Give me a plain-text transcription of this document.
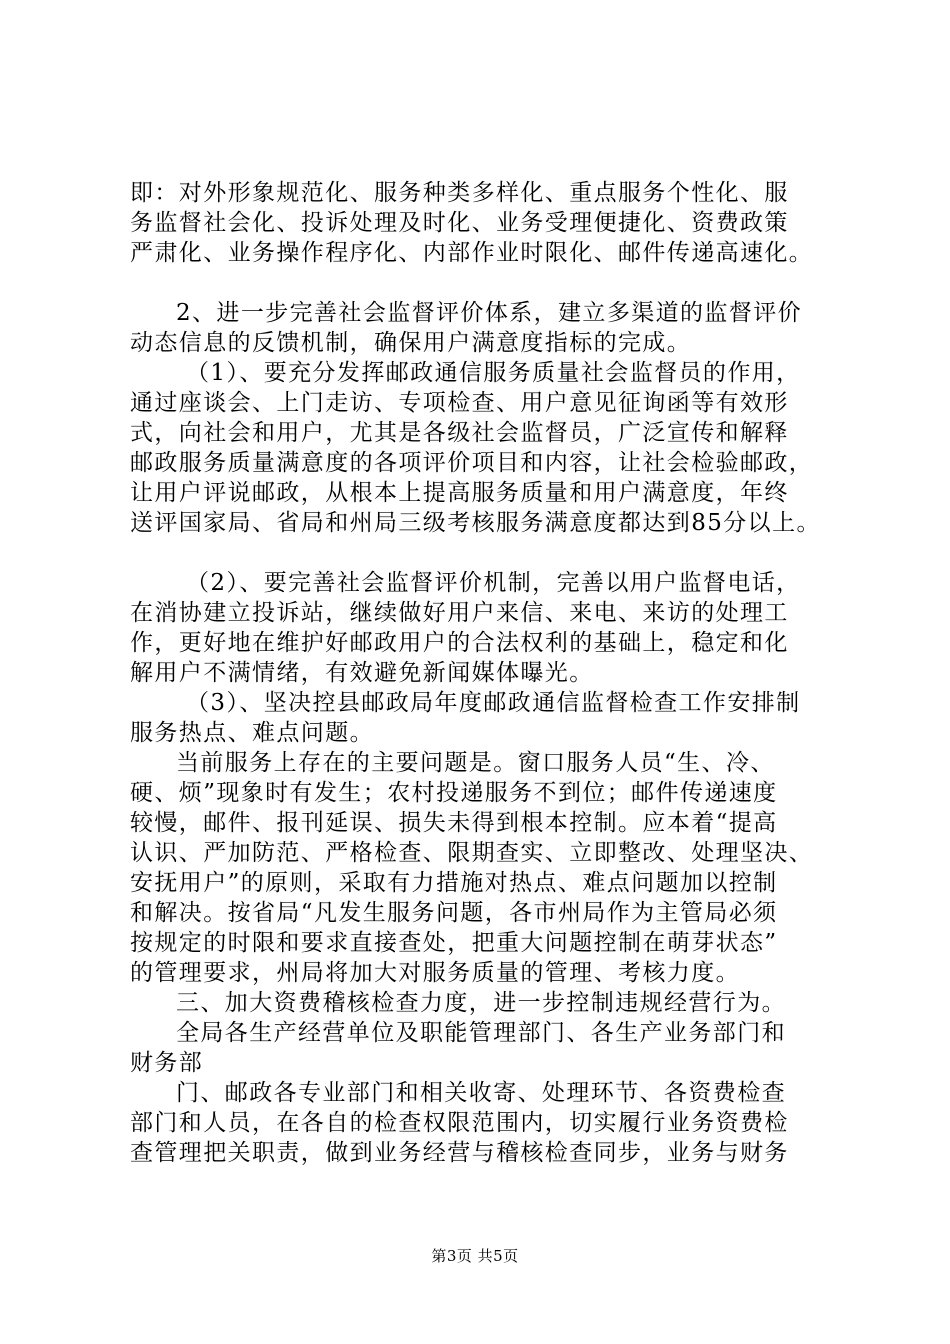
即：对外形象规范化、服务种类多样化、重点服务个性化、服
务监督社会化、投诉处理及时化、业务受理便捷化、资费政策
严肃化、业务操作程序化、内部作业时限化、邮件传递高速化。
2、进一步完善社会监督评价体系，建立多渠道的监督评价
动态信息的反馈机制，确保用户满意度指标的完成。
（1）、要充分发挥邮政通信服务质量社会监督员的作用，
通过座谈会、上门走访、专项检查、用户意见征询函等有效形
式，向社会和用户，尤其是各级社会监督员，广泛宣传和解释
邮政服务质量满意度的各项评价项目和内容，让社会检验邮政，
让用户评说邮政，从根本上提高服务质量和用户满意度，年终
送评国家局、省局和州局三级考核服务满意度都达到85分以上。
（2）、要完善社会监督评价机制，完善以用户监督电话，
在消协建立投诉站，继续做好用户来信、来电、来访的处理工
作，更好地在维护好邮政用户的合法权利的基础上，稳定和化
解用户不满情绪，有效避免新闻媒体曝光。
（3）、坚决控县邮政局年度邮政通信监督检查工作安排制
服务热点、难点问题。
当前服务上存在的主要问题是。窗口服务人员“生、冷、
硬、烦”现象时有发生；农村投递服务不到位；邮件传递速度
较慢，邮件、报刊延误、损失未得到根本控制。应本着“提高
认识、严加防范、严格检查、限期查实、立即整改、处理坚决、
安抚用户”的原则，采取有力措施对热点、难点问题加以控制
和解决。按省局“凡发生服务问题，各市州局作为主管局必须
按规定的时限和要求直接查处，把重大问题控制在萌芽状态”
的管理要求，州局将加大对服务质量的管理、考核力度。
三、加大资费稽核检查力度，进一步控制违规经营行为。
全局各生产经营单位及职能管理部门、各生产业务部门和
财务部
门、邮政各专业部门和相关收寄、处理环节、各资费检查
部门和人员，在各自的检查权限范围内，切实履行业务资费检
查管理把关职责，做到业务经营与稽核检查同步，业务与财务
第3页 共5页
